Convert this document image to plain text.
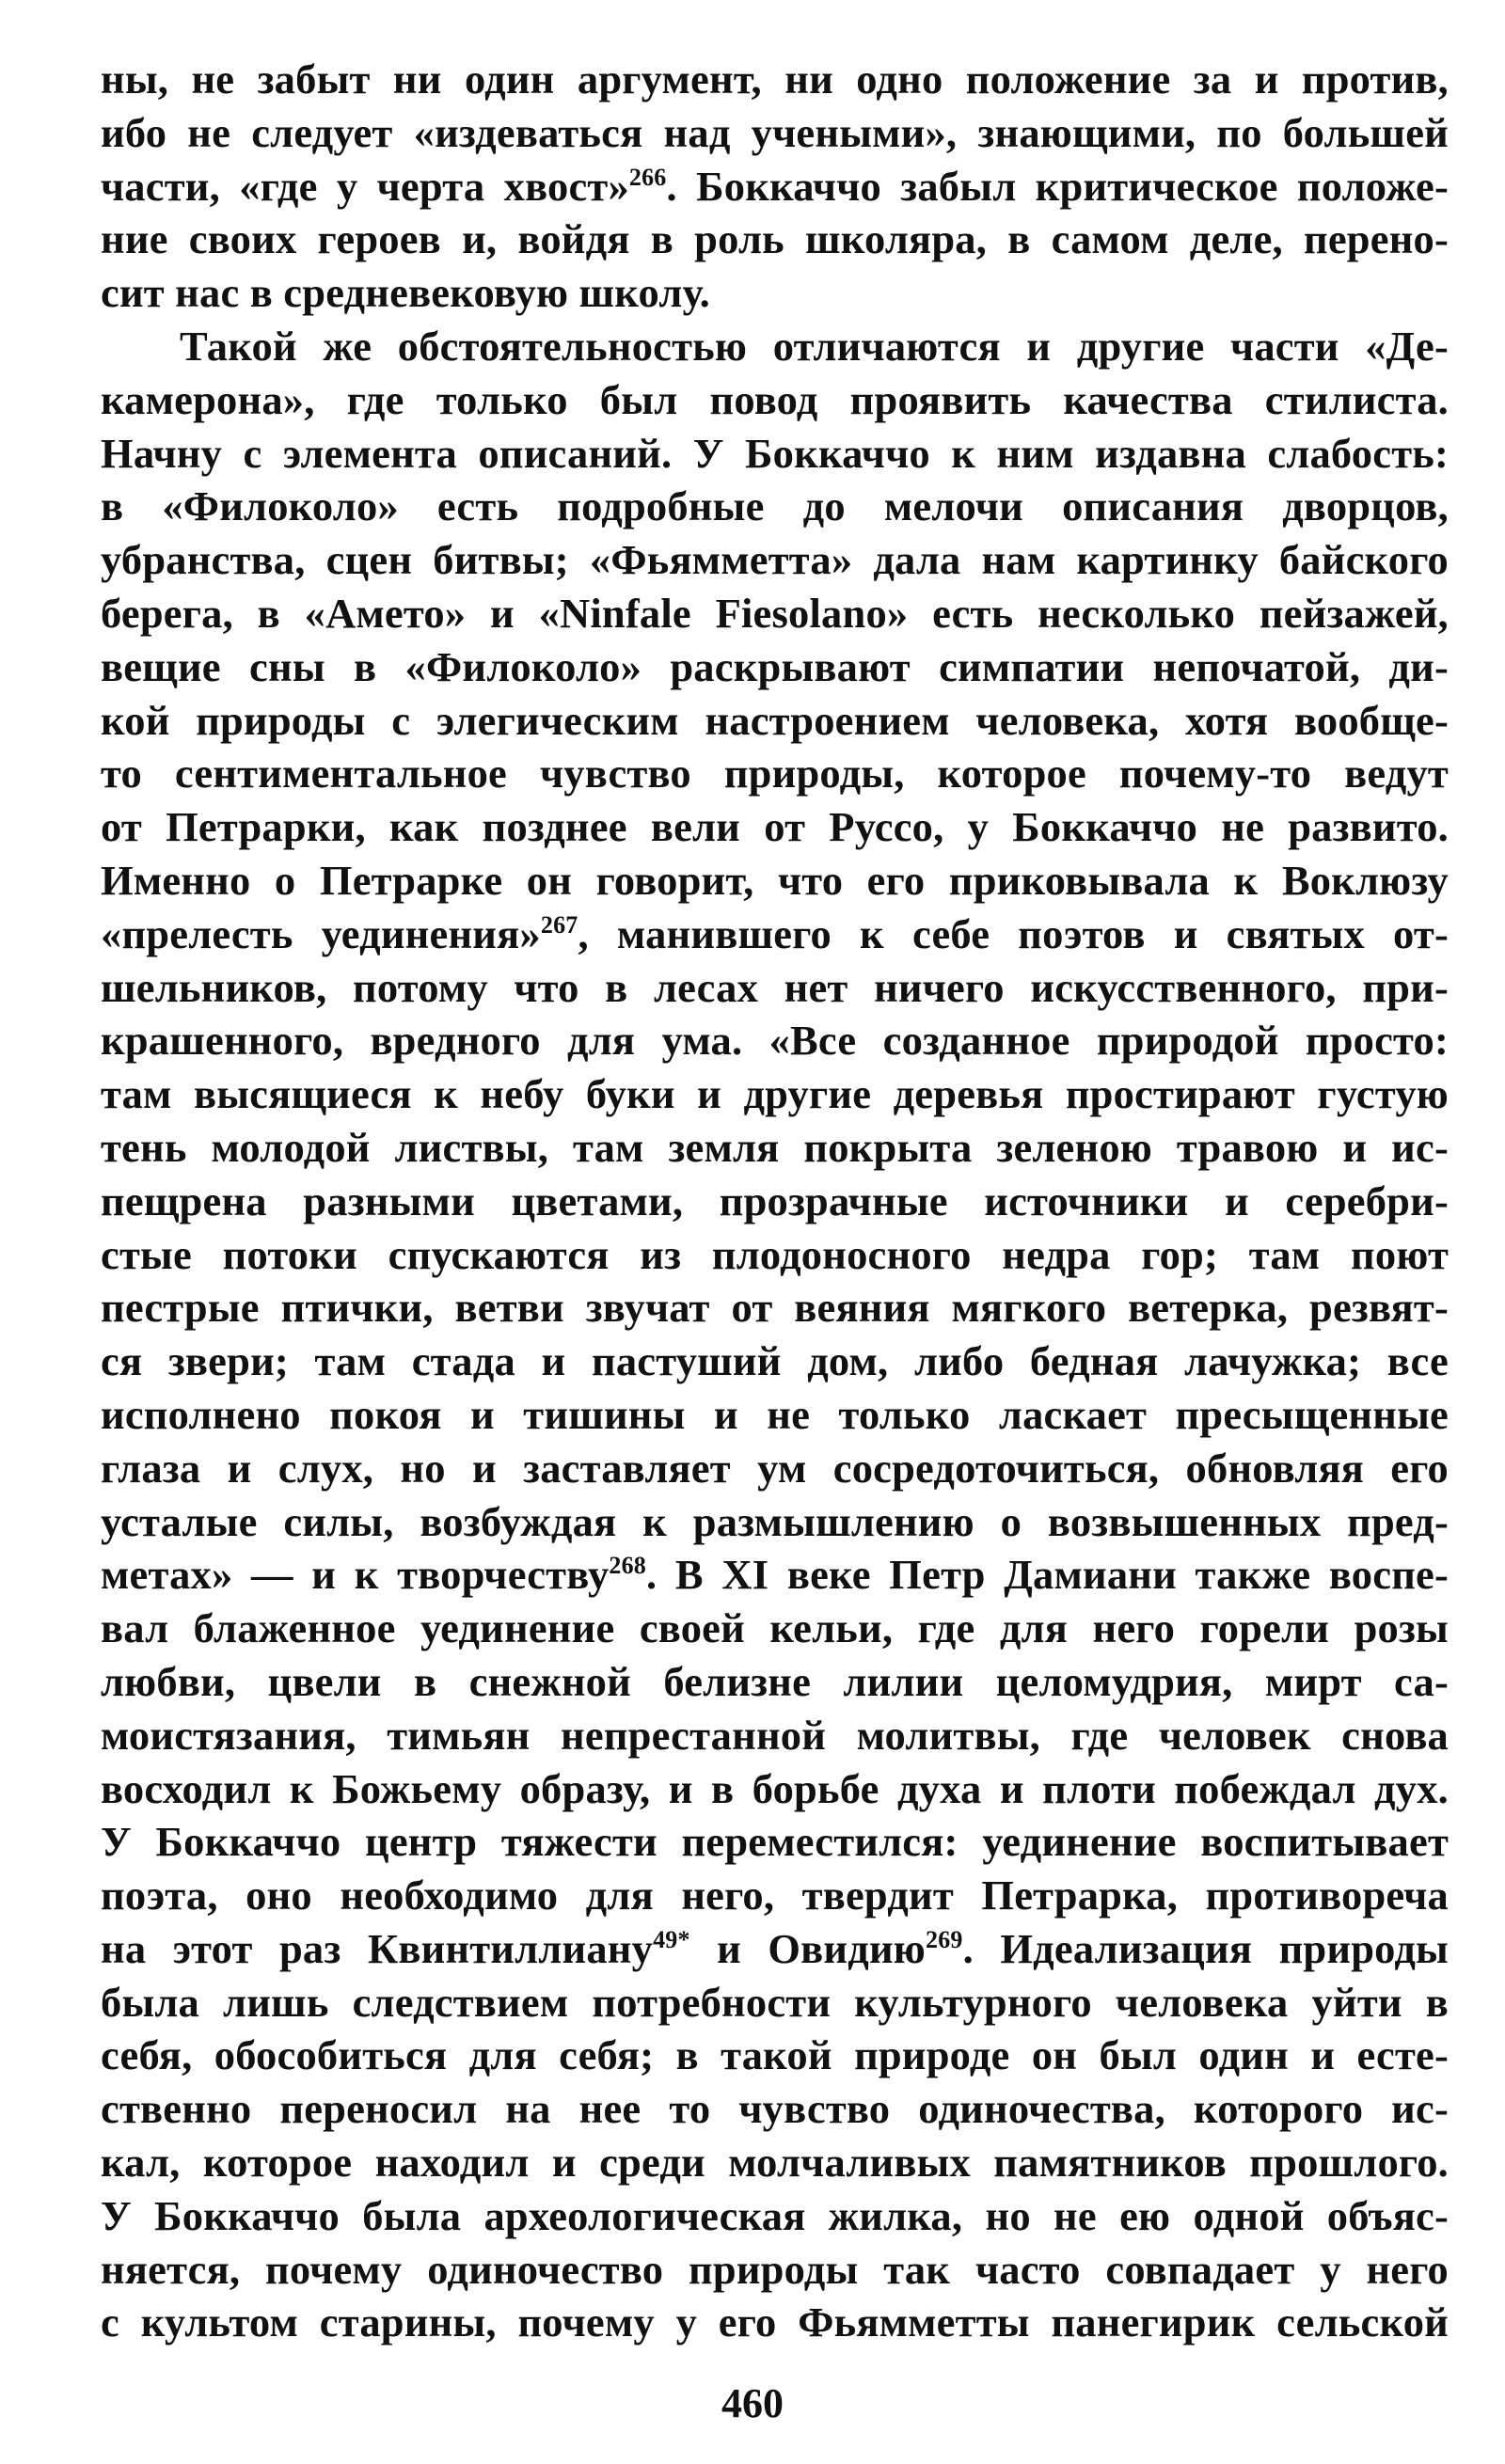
ны, не забыт ни один аргумент, ни одно положение за и против,
ибо не следует «издеваться над учеными», знающими, по большей
части, «где у черта хвост»$^{266}$. Боккаччо забыл критическое положе-
ние своих героев и, войдя в роль школяра, в самом деле, перено-
сит нас в средневековую школу.
Такой же обстоятельностью отличаются и другие части «Де-
камерона», где только был повод проявить качества стилиста.
Начну с элемента описаний. У Боккаччо к ним издавна слабость:
в «Филоколо» есть подробные до мелочи описания дворцов,
убранства, сцен битвы; «Фьямметта» дала нам картинку байского
берега, в «Амето» и «Ninfale Fiesolano» есть несколько пейзажей,
вещие сны в «Филоколо» раскрывают симпатии непочатой, ди-
кой природы с элегическим настроением человека, хотя вообще-
то сентиментальное чувство природы, которое почему-то ведут
от Петрарки, как позднее вели от Руссо, у Боккаччо не развито.
Именно о Петрарке он говорит, что его приковывала к Воклюзу
«прелесть уединения»$^{267}$, манившего к себе поэтов и святых от-
шельников, потому что в лесах нет ничего искусственного, при-
крашенного, вредного для ума. «Все созданное природой просто:
там высящиеся к небу буки и другие деревья простирают густую
тень молодой листвы, там земля покрыта зеленою травою и ис-
пещрена разными цветами, прозрачные источники и серебри-
стые потоки спускаются из плодоносного недра гор; там поют
пестрые птички, ветви звучат от веяния мягкого ветерка, резвят-
ся звери; там стада и пастуший дом, либо бедная лачужка; все
исполнено покоя и тишины и не только ласкает пресыщенные
глаза и слух, но и заставляет ум сосредоточиться, обновляя его
усталые силы, возбуждая к размышлению о возвышенных пред-
метах» — и к творчеству$^{268}$. В XI веке Петр Дамиани также воспе-
вал блаженное уединение своей кельи, где для него горели розы
любви, цвели в снежной белизне лилии целомудрия, мирт са-
моистязания, тимьян непрестанной молитвы, где человек снова
восходил к Божьему образу, и в борьбе духа и плоти побеждал дух.
У Боккаччо центр тяжести переместился: уединение воспитывает
поэта, оно необходимо для него, твердит Петрарка, противореча
на этот раз Квинтиллиану$^{49*}$ и Овидию$^{269}$. Идеализация природы
была лишь следствием потребности культурного человека уйти в
себя, обособиться для себя; в такой природе он был один и есте-
ственно переносил на нее то чувство одиночества, которого ис-
кал, которое находил и среди молчаливых памятников прошлого.
У Боккаччо была археологическая жилка, но не ею одной объяс-
няется, почему одиночество природы так часто совпадает у него
с культом старины, почему у его Фьямметты панегирик сельской
460
